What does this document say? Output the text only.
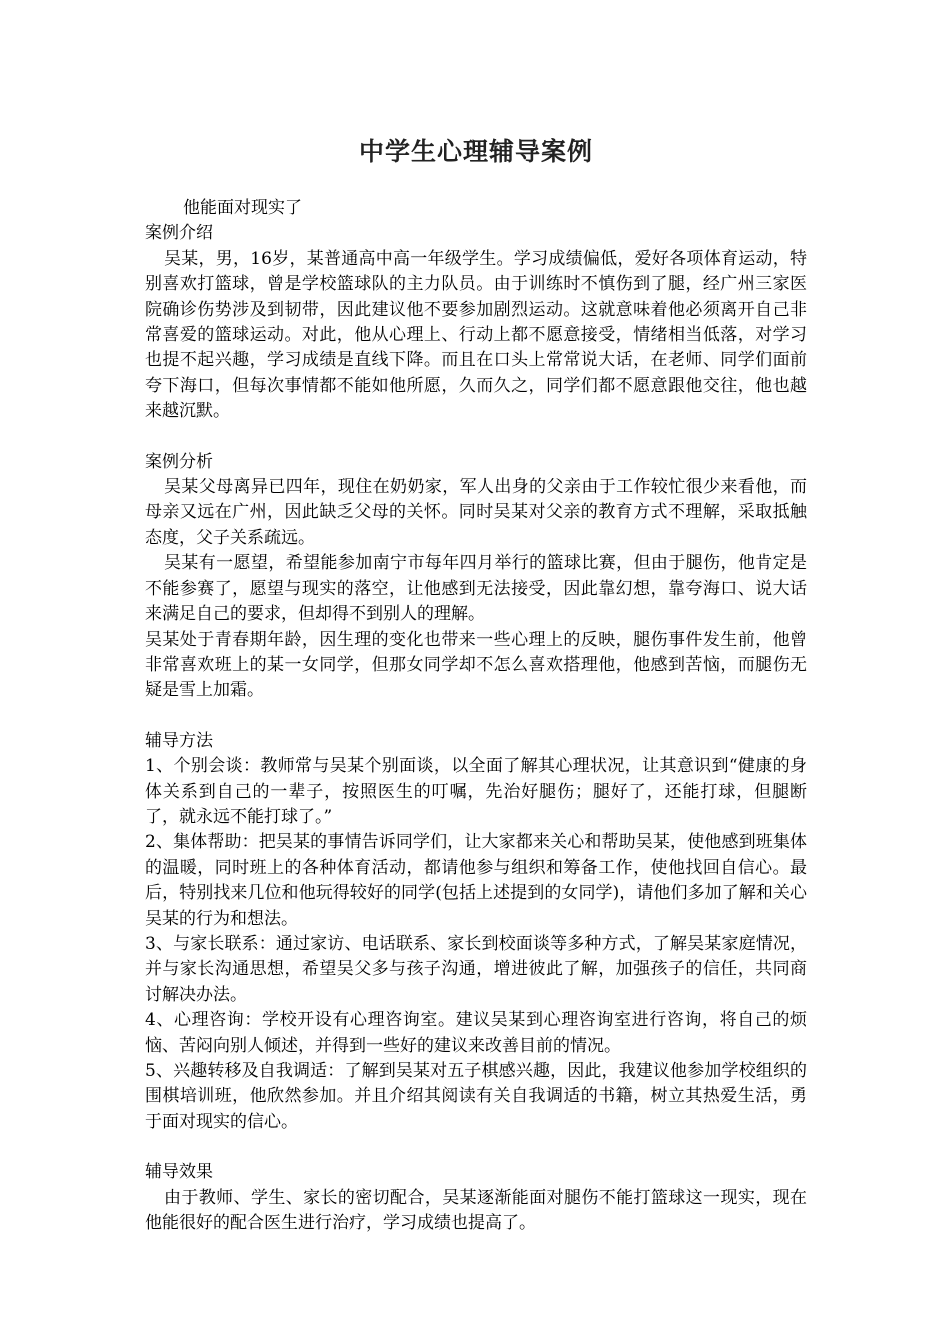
中学生心理辅导案例
他能面对现实了
案例介绍

吴某，男，16岁，某普通高中高一年级学生。学习成绩偏低，爱好各项体育运动，特别喜欢打篮球，曾是学校篮球队的主力队员。由于训练时不慎伤到了腿，经广州三家医院确诊伤势涉及到韧带，因此建议他不要参加剧烈运动。这就意味着他必须离开自己非常喜爱的篮球运动。对此，他从心理上、行动上都不愿意接受，情绪相当低落，对学习也提不起兴趣，学习成绩是直线下降。而且在口头上常常说大话，在老师、同学们面前夸下海口，但每次事情都不能如他所愿，久而久之，同学们都不愿意跟他交往，他也越来越沉默。

案例分析

吴某父母离异已四年，现住在奶奶家，军人出身的父亲由于工作较忙很少来看他，而母亲又远在广州，因此缺乏父母的关怀。同时吴某对父亲的教育方式不理解，采取抵触态度，父子关系疏远。

吴某有一愿望，希望能参加南宁市每年四月举行的篮球比赛，但由于腿伤，他肯定是不能参赛了，愿望与现实的落空，让他感到无法接受，因此靠幻想，靠夸海口、说大话来满足自己的要求，但却得不到别人的理解。

吴某处于青春期年龄，因生理的变化也带来一些心理上的反映，腿伤事件发生前，他曾非常喜欢班上的某一女同学，但那女同学却不怎么喜欢搭理他，他感到苦恼，而腿伤无疑是雪上加霜。

辅导方法

1、个别会谈：教师常与吴某个别面谈，以全面了解其心理状况，让其意识到“健康的身体关系到自己的一辈子，按照医生的叮嘱，先治好腿伤；腿好了，还能打球，但腿断了，就永远不能打球了。”

2、集体帮助：把吴某的事情告诉同学们，让大家都来关心和帮助吴某，使他感到班集体的温暖，同时班上的各种体育活动，都请他参与组织和筹备工作，使他找回自信心。最后，特别找来几位和他玩得较好的同学(包括上述提到的女同学)，请他们多加了解和关心吴某的行为和想法。

3、与家长联系：通过家访、电话联系、家长到校面谈等多种方式，了解吴某家庭情况，并与家长沟通思想，希望吴父多与孩子沟通，增进彼此了解，加强孩子的信任，共同商讨解决办法。

4、心理咨询：学校开设有心理咨询室。建议吴某到心理咨询室进行咨询，将自己的烦恼、苦闷向别人倾述，并得到一些好的建议来改善目前的情况。

5、兴趣转移及自我调适：了解到吴某对五子棋感兴趣，因此，我建议他参加学校组织的围棋培训班，他欣然参加。并且介绍其阅读有关自我调适的书籍，树立其热爱生活，勇于面对现实的信心。

辅导效果

由于教师、学生、家长的密切配合，吴某逐渐能面对腿伤不能打篮球这一现实，现在他能很好的配合医生进行治疗，学习成绩也提高了。
